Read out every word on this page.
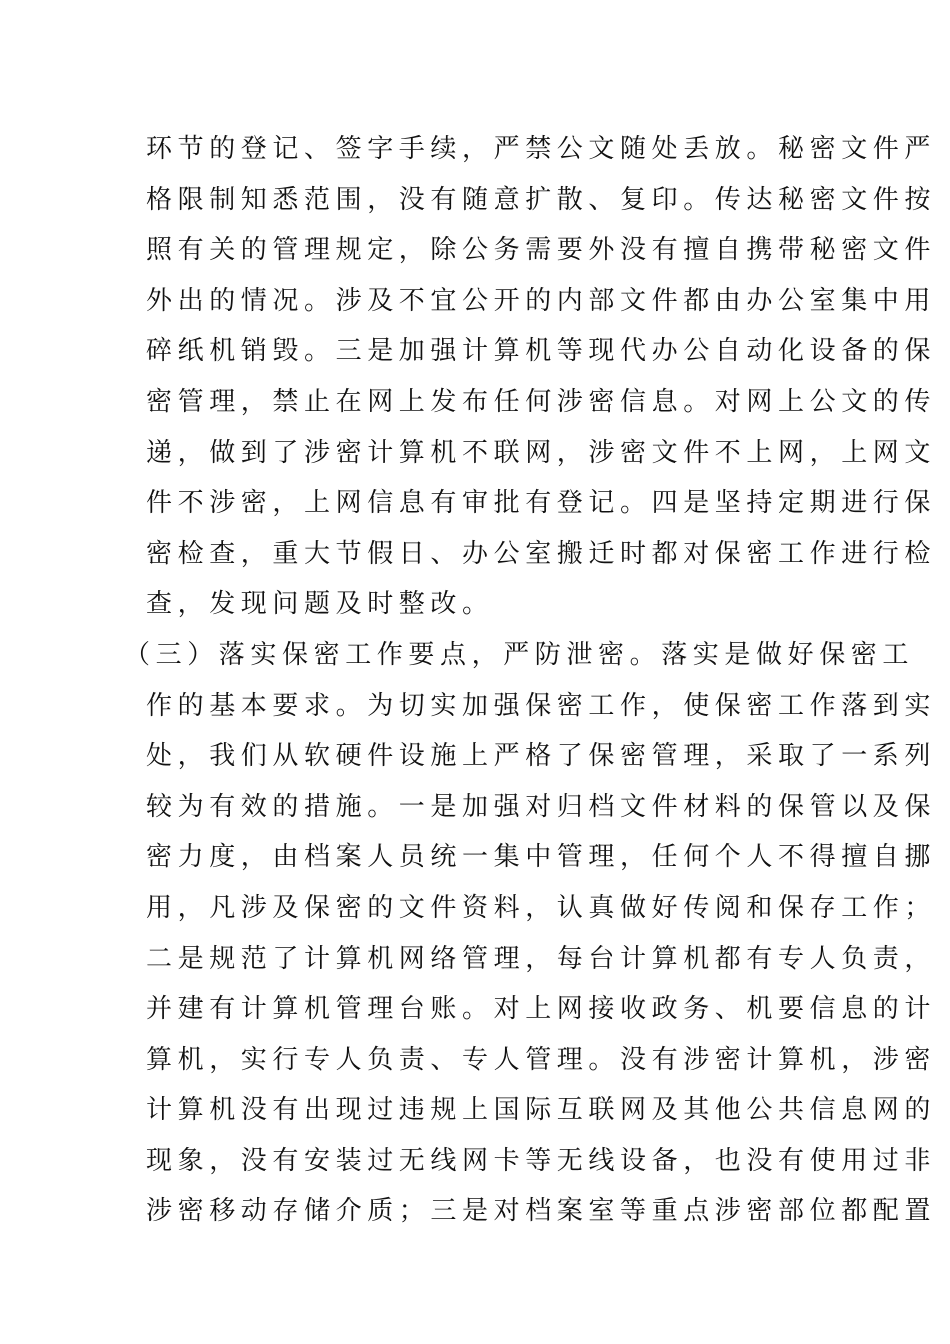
环节的登记、签字手续，严禁公文随处丢放。秘密文件严
格限制知悉范围，没有随意扩散、复印。传达秘密文件按
照有关的管理规定，除公务需要外没有擅自携带秘密文件
外出的情况。涉及不宜公开的内部文件都由办公室集中用
碎纸机销毁。三是加强计算机等现代办公自动化设备的保
密管理，禁止在网上发布任何涉密信息。对网上公文的传
递，做到了涉密计算机不联网，涉密文件不上网，上网文
件不涉密，上网信息有审批有登记。四是坚持定期进行保
密检查，重大节假日、办公室搬迁时都对保密工作进行检
查，发现问题及时整改。
（三）落实保密工作要点，严防泄密。落实是做好保密工
作的基本要求。为切实加强保密工作，使保密工作落到实
处，我们从软硬件设施上严格了保密管理，采取了一系列
较为有效的措施。一是加强对归档文件材料的保管以及保
密力度，由档案人员统一集中管理，任何个人不得擅自挪
用，凡涉及保密的文件资料，认真做好传阅和保存工作；
二是规范了计算机网络管理，每台计算机都有专人负责，
并建有计算机管理台账。对上网接收政务、机要信息的计
算机，实行专人负责、专人管理。没有涉密计算机，涉密
计算机没有出现过违规上国际互联网及其他公共信息网的
现象，没有安装过无线网卡等无线设备，也没有使用过非
涉密移动存储介质；三是对档案室等重点涉密部位都配置
